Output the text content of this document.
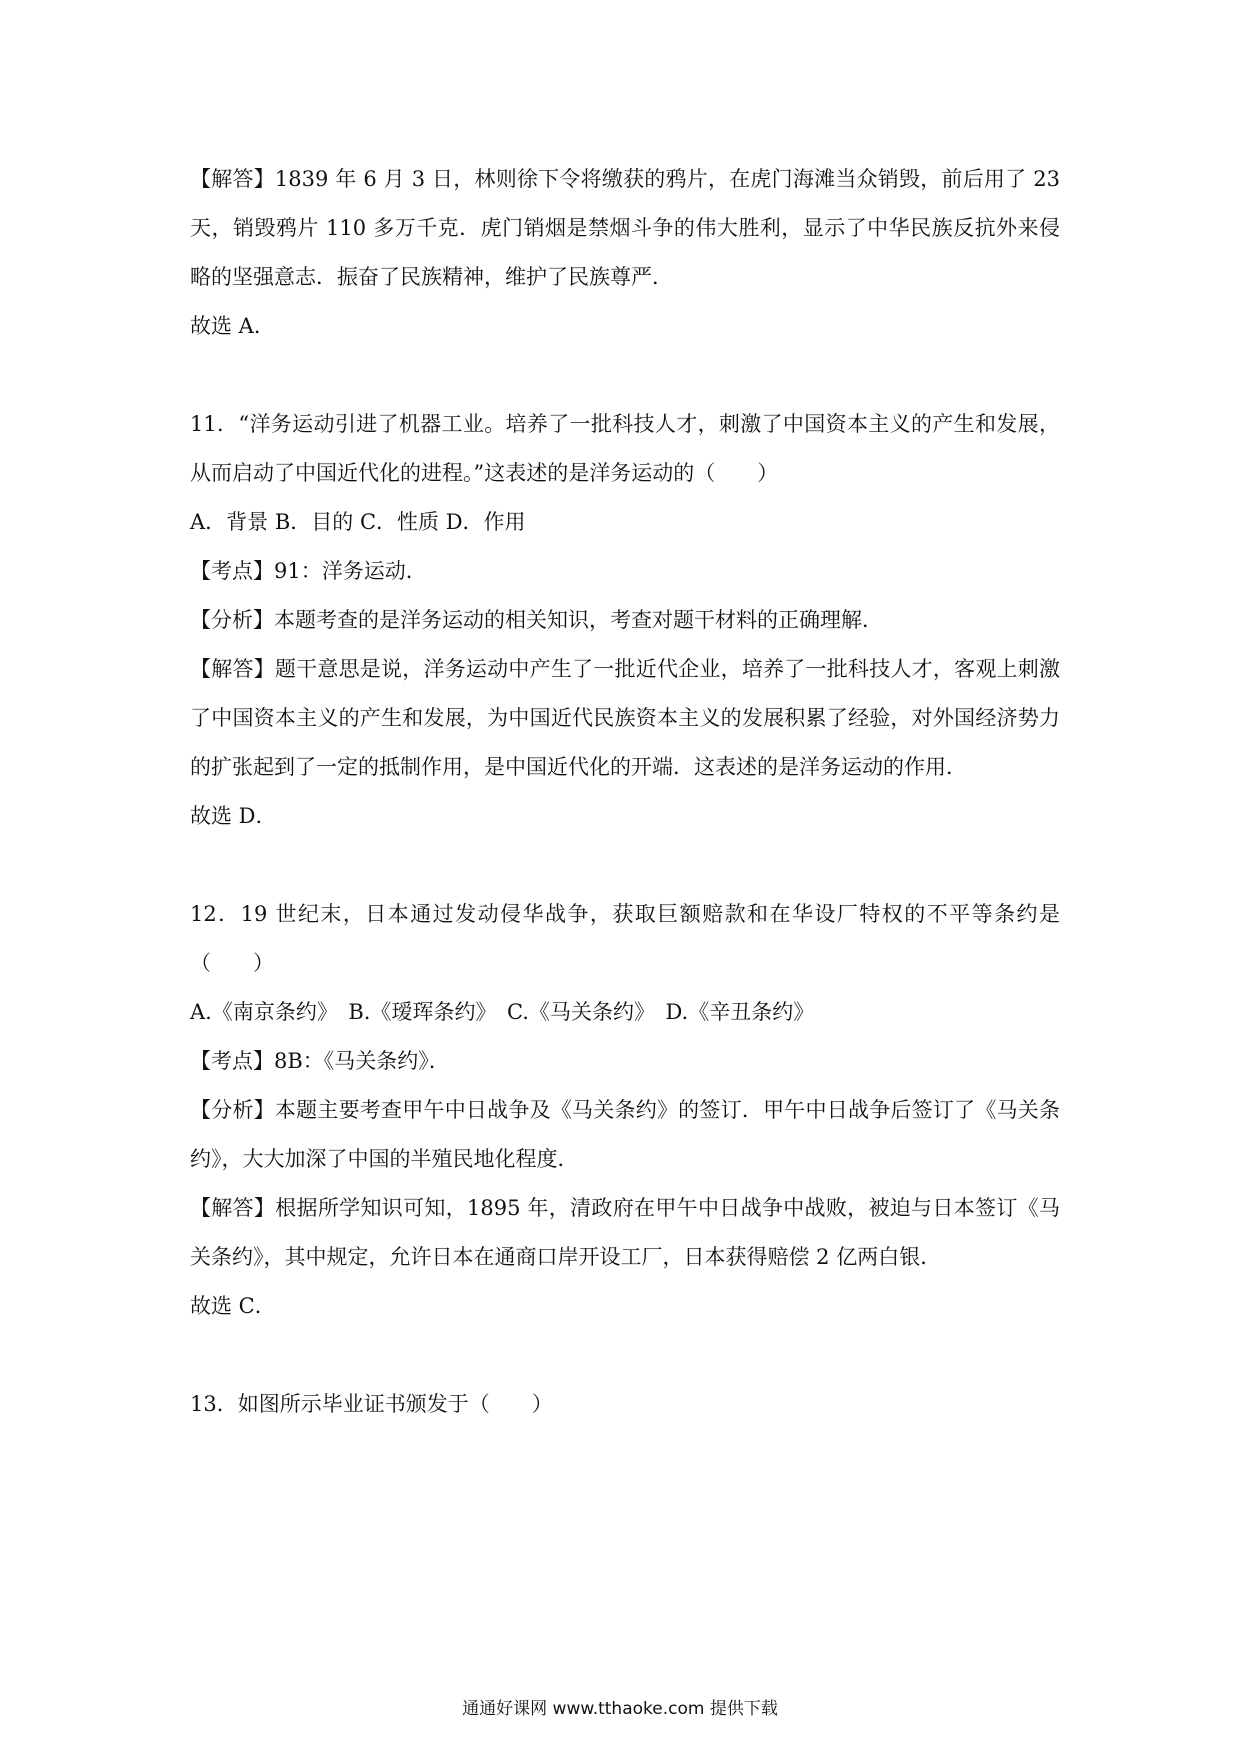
【解答】1839 年 6 月 3 日，林则徐下令将缴获的鸦片，在虎门海滩当众销毁，前后用了 23 天，销毁鸦片 110 多万千克．虎门销烟是禁烟斗争的伟大胜利，显示了中华民族反抗外来侵略的坚强意志．振奋了民族精神，维护了民族尊严．

故选 A．

11．“洋务运动引进了机器工业。培养了一批科技人才，刺激了中国资本主义的产生和发展，从而启动了中国近代化的进程。”这表述的是洋务运动的（　　）

A．背景 B．目的 C．性质 D．作用

【考点】91：洋务运动．

【分析】本题考查的是洋务运动的相关知识，考查对题干材料的正确理解．

【解答】题干意思是说，洋务运动中产生了一批近代企业，培养了一批科技人才，客观上刺激了中国资本主义的产生和发展，为中国近代民族资本主义的发展积累了经验，对外国经济势力的扩张起到了一定的抵制作用，是中国近代化的开端．这表述的是洋务运动的作用．

故选 D．

12．19 世纪末，日本通过发动侵华战争，获取巨额赔款和在华设厂特权的不平等条约是（　　）

A.《南京条约》　B.《瑷珲条约》　C.《马关条约》　D.《辛丑条约》

【考点】8B：《马关条约》．

【分析】本题主要考查甲午中日战争及《马关条约》的签订．甲午中日战争后签订了《马关条约》，大大加深了中国的半殖民地化程度．

【解答】根据所学知识可知，1895 年，清政府在甲午中日战争中战败，被迫与日本签订《马关条约》，其中规定，允许日本在通商口岸开设工厂，日本获得赔偿 2 亿两白银．

故选 C．

13．如图所示毕业证书颁发于（　　）

通通好课网 www.tthaoke.com 提供下载
